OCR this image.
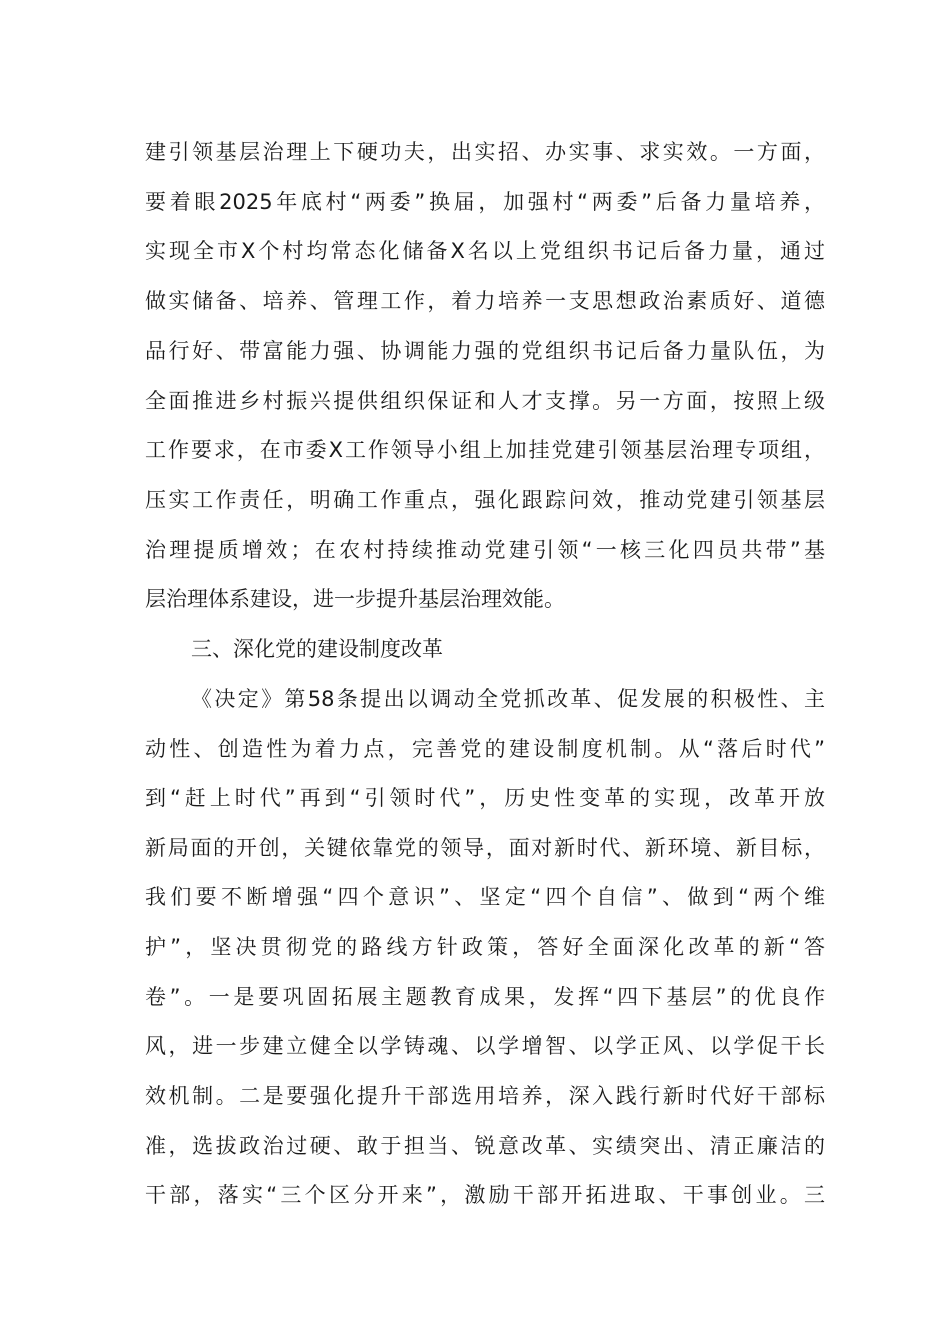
建引领基层治理上下硬功夫，出实招、办实事、求实效。一方面，
要着眼2025年底村“两委”换届，加强村“两委”后备力量培养，
实现全市X个村均常态化储备X名以上党组织书记后备力量，通过
做实储备、培养、管理工作，着力培养一支思想政治素质好、道德
品行好、带富能力强、协调能力强的党组织书记后备力量队伍，为
全面推进乡村振兴提供组织保证和人才支撑。另一方面，按照上级
工作要求，在市委X工作领导小组上加挂党建引领基层治理专项组，
压实工作责任，明确工作重点，强化跟踪问效，推动党建引领基层
治理提质增效；在农村持续推动党建引领“一核三化四员共带”基
层治理体系建设，进一步提升基层治理效能。
三、深化党的建设制度改革
《决定》第58条提出以调动全党抓改革、促发展的积极性、主
动性、创造性为着力点，完善党的建设制度机制。从“落后时代”
到“赶上时代”再到“引领时代”，历史性变革的实现，改革开放
新局面的开创，关键依靠党的领导，面对新时代、新环境、新目标，
我们要不断增强“四个意识”、坚定“四个自信”、做到“两个维
护”，坚决贯彻党的路线方针政策，答好全面深化改革的新“答
卷”。一是要巩固拓展主题教育成果，发挥“四下基层”的优良作
风，进一步建立健全以学铸魂、以学增智、以学正风、以学促干长
效机制。二是要强化提升干部选用培养，深入践行新时代好干部标
准，选拔政治过硬、敢于担当、锐意改革、实绩突出、清正廉洁的
干部，落实“三个区分开来”，激励干部开拓进取、干事创业。三
